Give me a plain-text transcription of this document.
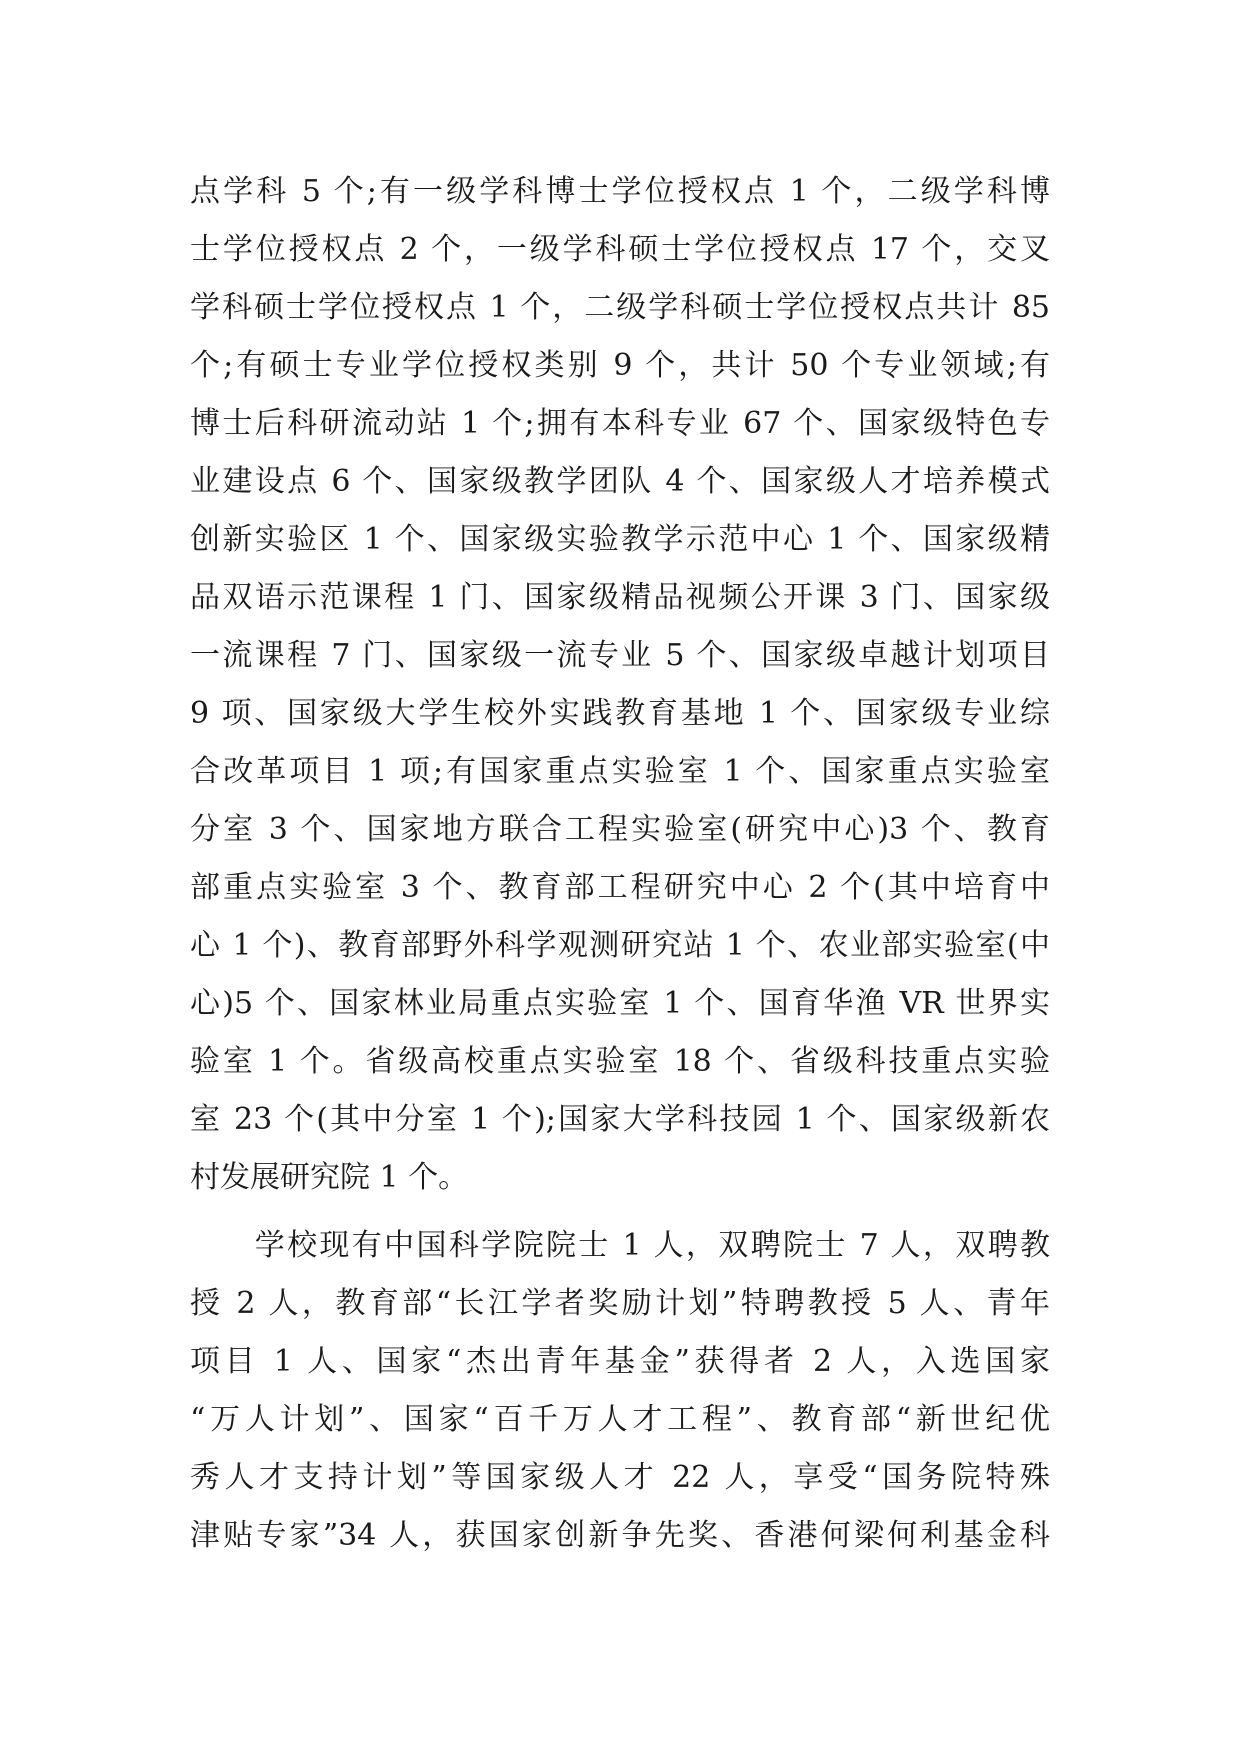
点学科 5 个;有一级学科博士学位授权点 1 个，二级学科博
士学位授权点 2 个，一级学科硕士学位授权点 17 个，交叉
学科硕士学位授权点 1 个，二级学科硕士学位授权点共计 85
个;有硕士专业学位授权类别 9 个，共计 50 个专业领域;有
博士后科研流动站 1 个;拥有本科专业 67 个、国家级特色专
业建设点 6 个、国家级教学团队 4 个、国家级人才培养模式
创新实验区 1 个、国家级实验教学示范中心 1 个、国家级精
品双语示范课程 1 门、国家级精品视频公开课 3 门、国家级
一流课程 7 门、国家级一流专业 5 个、国家级卓越计划项目
9 项、国家级大学生校外实践教育基地 1 个、国家级专业综
合改革项目 1 项;有国家重点实验室 1 个、国家重点实验室
分室 3 个、国家地方联合工程实验室(研究中心)3 个、教育
部重点实验室 3 个、教育部工程研究中心 2 个(其中培育中
心 1 个)、教育部野外科学观测研究站 1 个、农业部实验室(中
心)5 个、国家林业局重点实验室 1 个、国育华渔 VR 世界实
验室 1 个。省级高校重点实验室 18 个、省级科技重点实验
室 23 个(其中分室 1 个);国家大学科技园 1 个、国家级新农
村发展研究院 1 个。
　　学校现有中国科学院院士 1 人，双聘院士 7 人，双聘教
授 2 人，教育部“长江学者奖励计划”特聘教授 5 人、青年
项目 1 人、国家“杰出青年基金”获得者 2 人，入选国家
“万人计划”、国家“百千万人才工程”、教育部“新世纪优
秀人才支持计划”等国家级人才 22 人，享受“国务院特殊
津贴专家”34 人，获国家创新争先奖、香港何梁何利基金科
